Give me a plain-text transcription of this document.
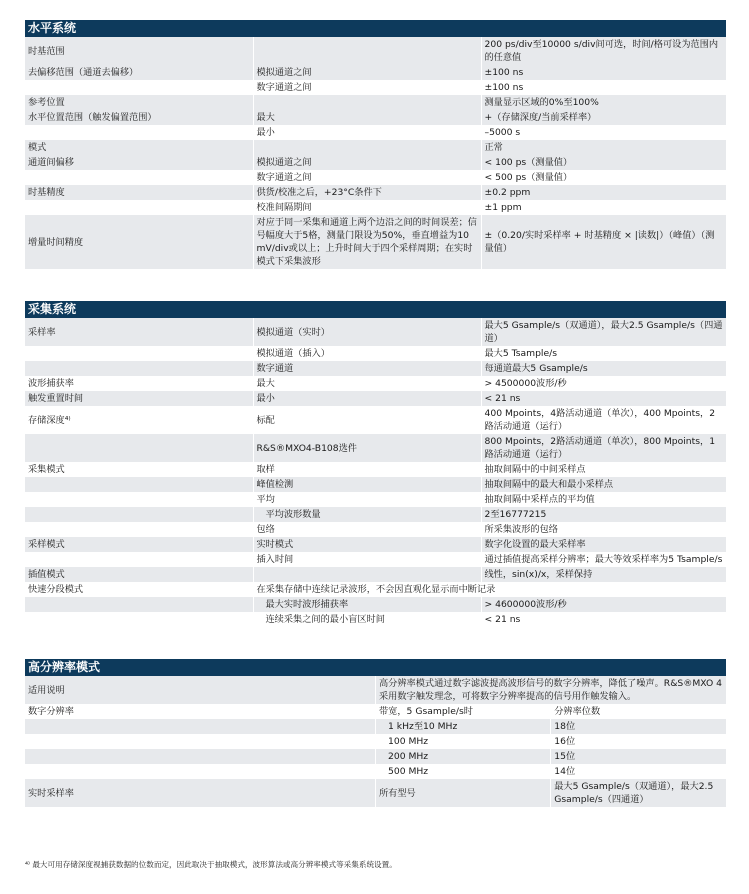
水平系统
时基范围		200 ps/div至10000 s/div间可选，时间/格可设为范围内的任意值
去偏移范围（通道去偏移）	模拟通道之间	±100 ns
	数字通道之间	±100 ns
参考位置		测量显示区域的0%至100%
水平位置范围（触发偏置范围）	最大	+（存储深度/当前采样率）
	最小	–5000 s
模式		正常
通道间偏移	模拟通道之间	< 100 ps（测量值）
	数字通道之间	< 500 ps（测量值）
时基精度	供货/校准之后，+23°C条件下	±0.2 ppm
	校准间隔期间	±1 ppm
增量时间精度	对应于同一采集和通道上两个边沿之间的时间误差；信号幅度大于5格，测量门限设为50%，垂直增益为10 mV/div或以上；上升时间大于四个采样周期；在实时模式下采集波形	±（0.20/实时采样率 + 时基精度 × |读数|）（峰值）（测量值）
采集系统
采样率	模拟通道（实时）	最大5 Gsample/s（双通道），最大2.5 Gsample/s（四通道）
	模拟通道（插入）	最大5 Tsample/s
	数字通道	每通道最大5 Gsample/s
波形捕获率	最大	> 4500000波形/秒
触发重置时间	最小	< 21 ns
存储深度⁴⁾	标配	400 Mpoints，4路活动通道（单次），400 Mpoints，2路活动通道（运行）
	R&S®MXO4-B108选件	800 Mpoints，2路活动通道（单次），800 Mpoints，1路活动通道（运行）
采集模式	取样	抽取间隔中的中间采样点
	峰值检测	抽取间隔中的最大和最小采样点
	平均	抽取间隔中采样点的平均值
	平均波形数量	2至16777215
	包络	所采集波形的包络
采样模式	实时模式	数字化设置的最大采样率
	插入时间	通过插值提高采样分辨率；最大等效采样率为5 Tsample/s
插值模式		线性，sin(x)/x，采样保持
快速分段模式	在采集存储中连续记录波形，不会因直观化显示而中断记录	
	最大实时波形捕获率	> 4600000波形/秒
	连续采集之间的最小盲区时间	< 21 ns
高分辨率模式
适用说明	高分辨率模式通过数字滤波提高波形信号的数字分辨率，降低了噪声。R&S®MXO 4采用数字触发理念，可将数字分辨率提高的信号用作触发输入。	
数字分辨率	带宽，5 Gsample/s时	分辨率位数
	1 kHz至10 MHz	18位
	100 MHz	16位
	200 MHz	15位
	500 MHz	14位
实时采样率	所有型号	最大5 Gsample/s（双通道），最大2.5 Gsample/s（四通道）
⁴⁾ 最大可用存储深度视捕获数据的位数而定，因此取决于抽取模式，波形算法或高分辨率模式等采集系统设置。
